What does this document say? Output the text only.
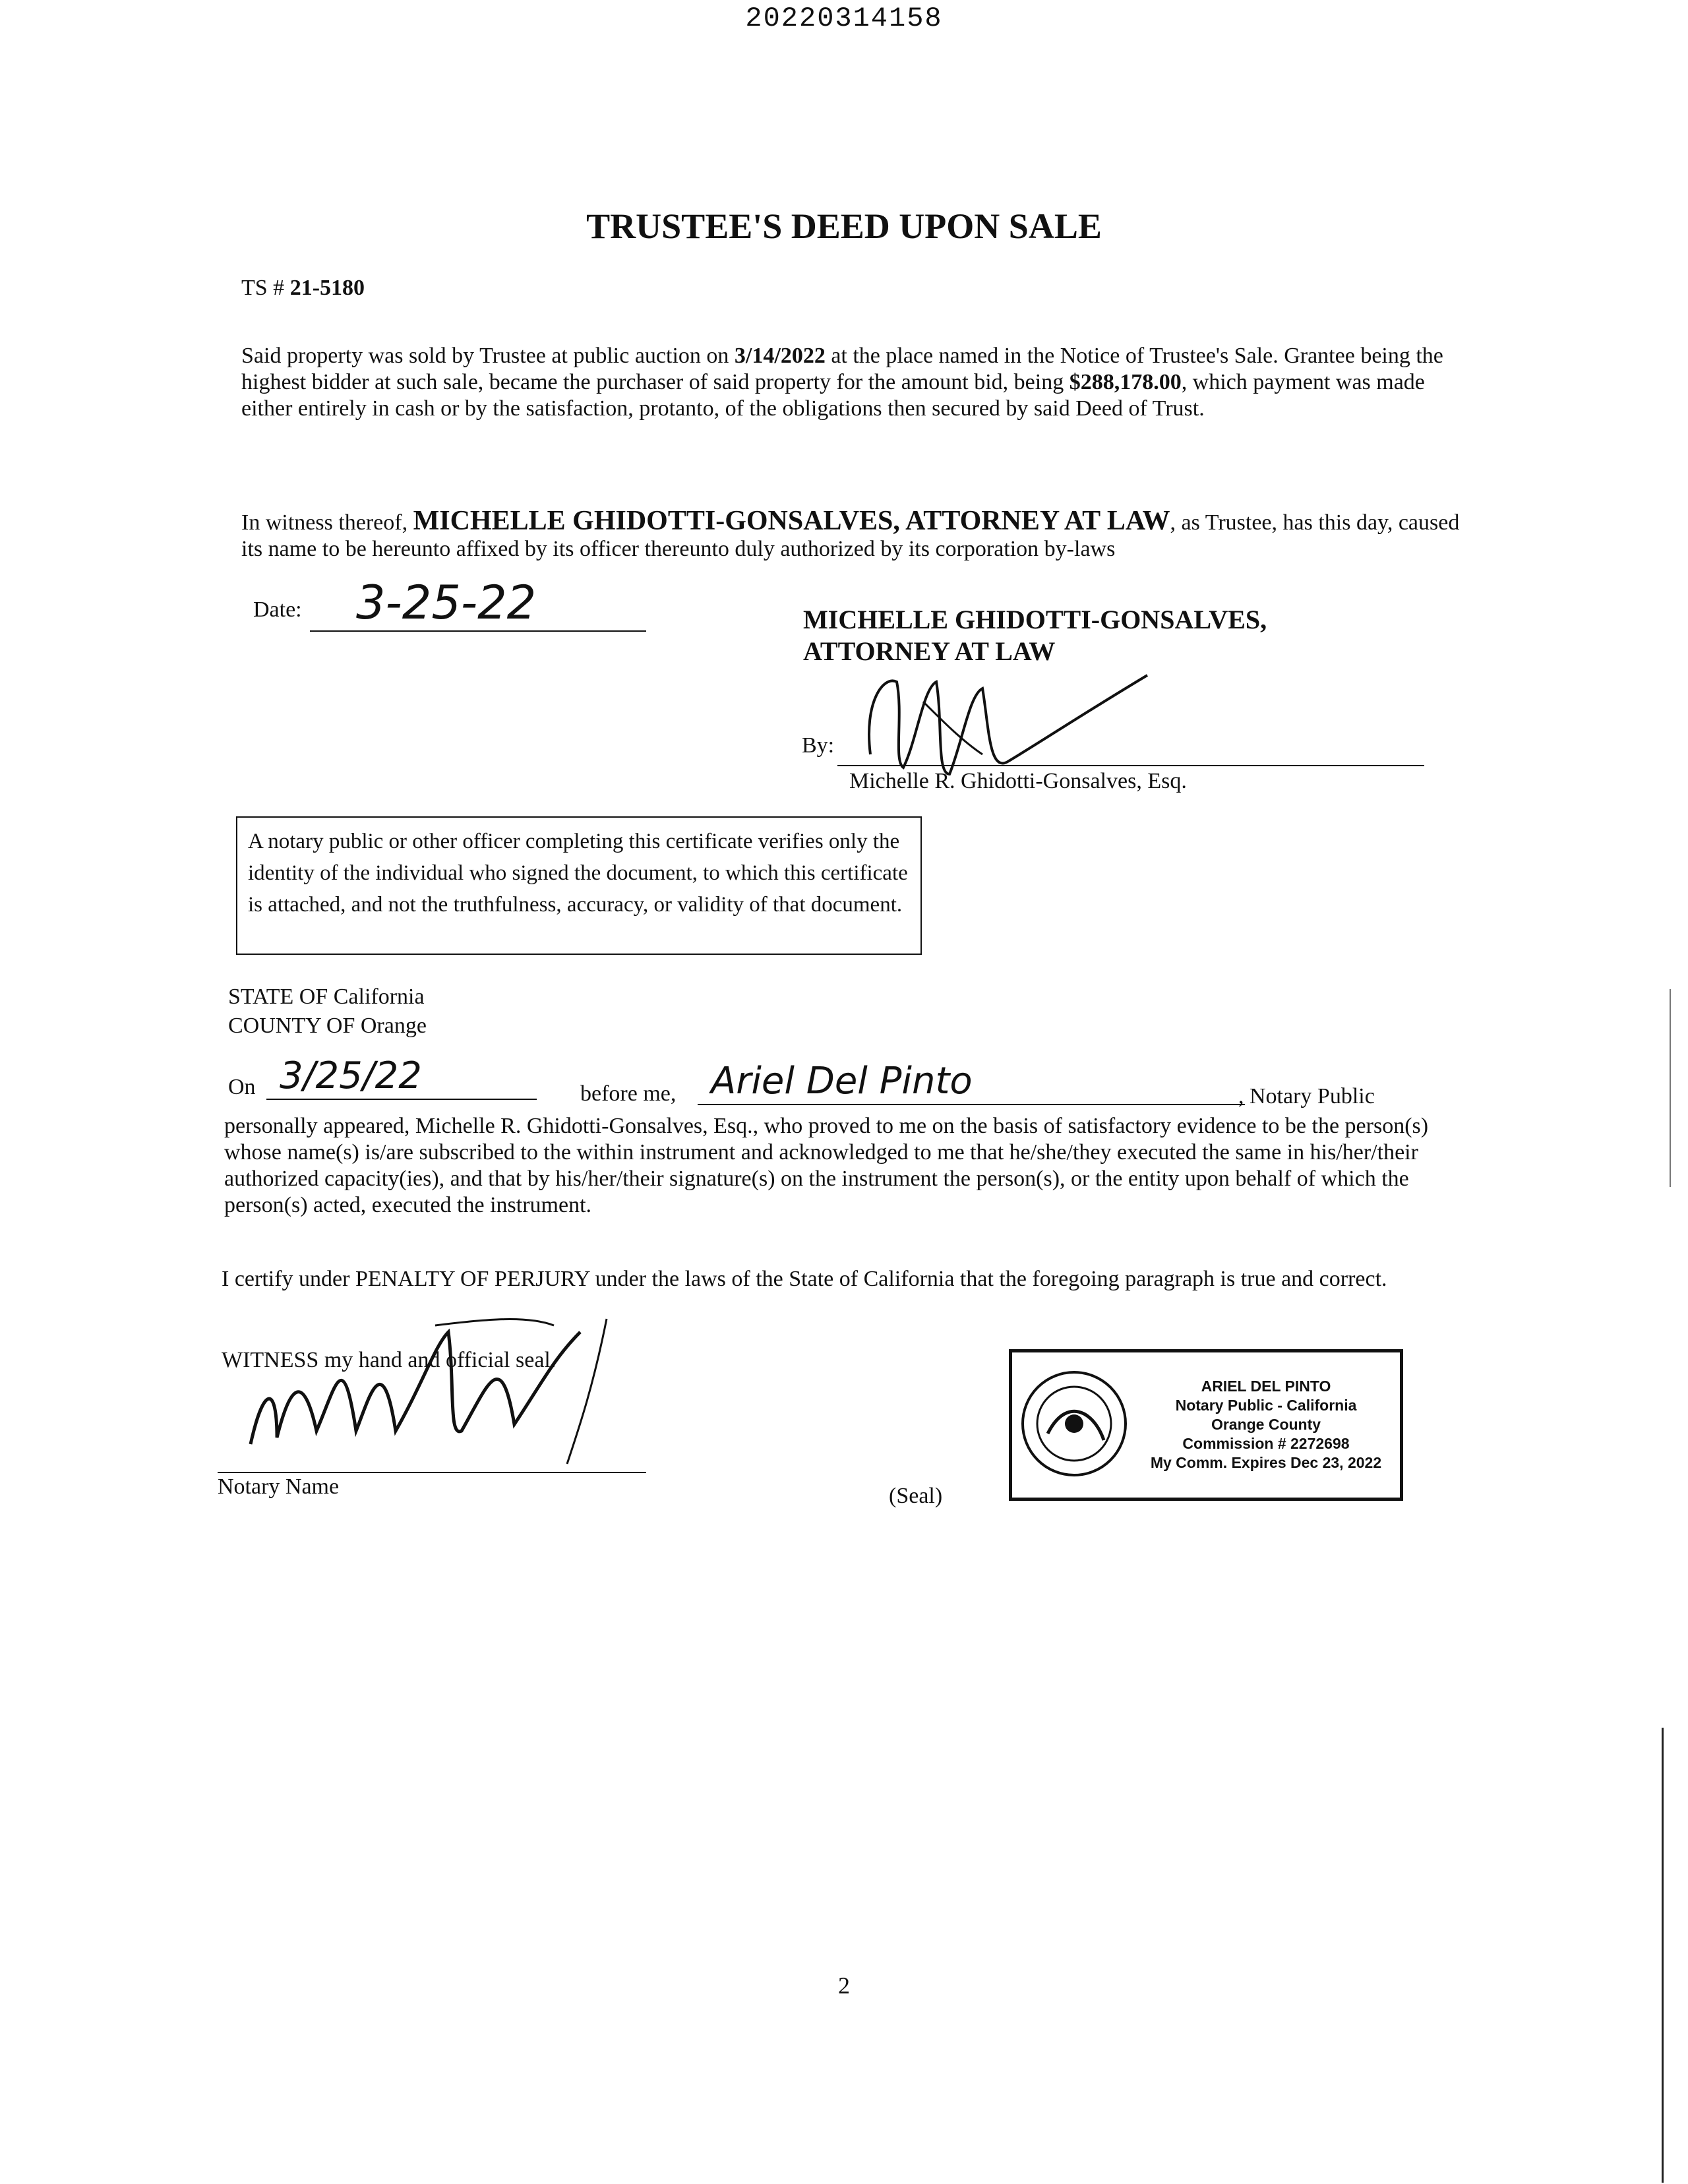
20220314158
TRUSTEE'S DEED UPON SALE
TS # 21-5180
Said property was sold by Trustee at public auction on 3/14/2022 at the place named in the Notice of Trustee's Sale. Grantee being the highest bidder at such sale, became the purchaser of said property for the amount bid, being $288,178.00, which payment was made either entirely in cash or by the satisfaction, protanto, of the obligations then secured by said Deed of Trust.
In witness thereof, MICHELLE GHIDOTTI-GONSALVES, ATTORNEY AT LAW, as Trustee, has this day, caused its name to be hereunto affixed by its officer thereunto duly authorized by its corporation by-laws
Date:	3-25-22	MICHELLE GHIDOTTI-GONSALVES,
ATTORNEY AT LAW
By:
Michelle R. Ghidotti-Gonsalves, Esq.
A notary public or other officer completing this certificate verifies only the identity of the individual who signed the document, to which this certificate is attached, and not the truthfulness, accuracy, or validity of that document.
STATE OF California
COUNTY OF Orange
On 3/25/22	before me, Ariel Del Pinto	, Notary Public
personally appeared, Michelle R. Ghidotti-Gonsalves, Esq., who proved to me on the basis of satisfactory evidence to be the person(s) whose name(s) is/are subscribed to the within instrument and acknowledged to me that he/she/they executed the same in his/her/their authorized capacity(ies), and that by his/her/their signature(s) on the instrument the person(s), or the entity upon behalf of which the person(s) acted, executed the instrument.
I certify under PENALTY OF PERJURY under the laws of the State of California that the foregoing paragraph is true and correct.
WITNESS my hand and official seal.
Notary Name	(Seal)
ARIEL DEL PINTO
Notary Public - California
Orange County
Commission # 2272698
My Comm. Expires Dec 23, 2022
2
